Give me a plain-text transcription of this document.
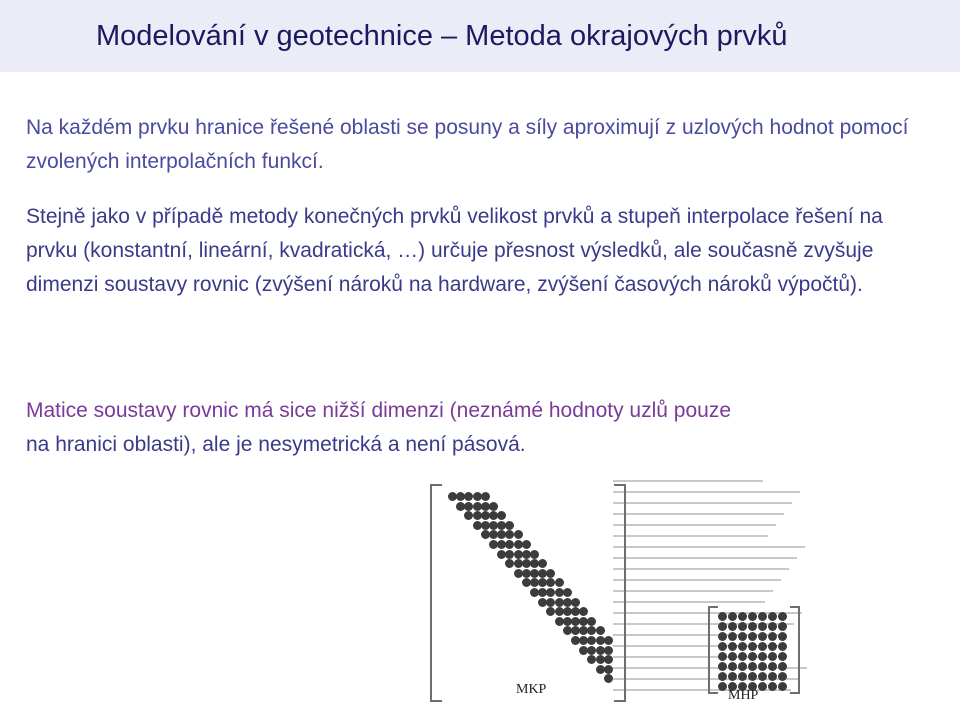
Modelování v geotechnice – Metoda okrajových prvků
Na každém prvku hranice řešené oblasti se posuny a síly aproximují z uzlových hodnot pomocí zvolených interpolačních funkcí.
Stejně jako v případě metody konečných prvků velikost prvků a stupeň interpolace řešení na prvku (konstantní, lineární, kvadratická, …) určuje přesnost výsledků, ale současně zvyšuje dimenzi soustavy rovnic (zvýšení nároků na hardware, zvýšení časových nároků výpočtů).
Matice soustavy rovnic má sice nižší dimenzi (neznámé hodnoty uzlů pouze
na hranici oblasti), ale je nesymetrická a není pásová.
MKP	MHP
